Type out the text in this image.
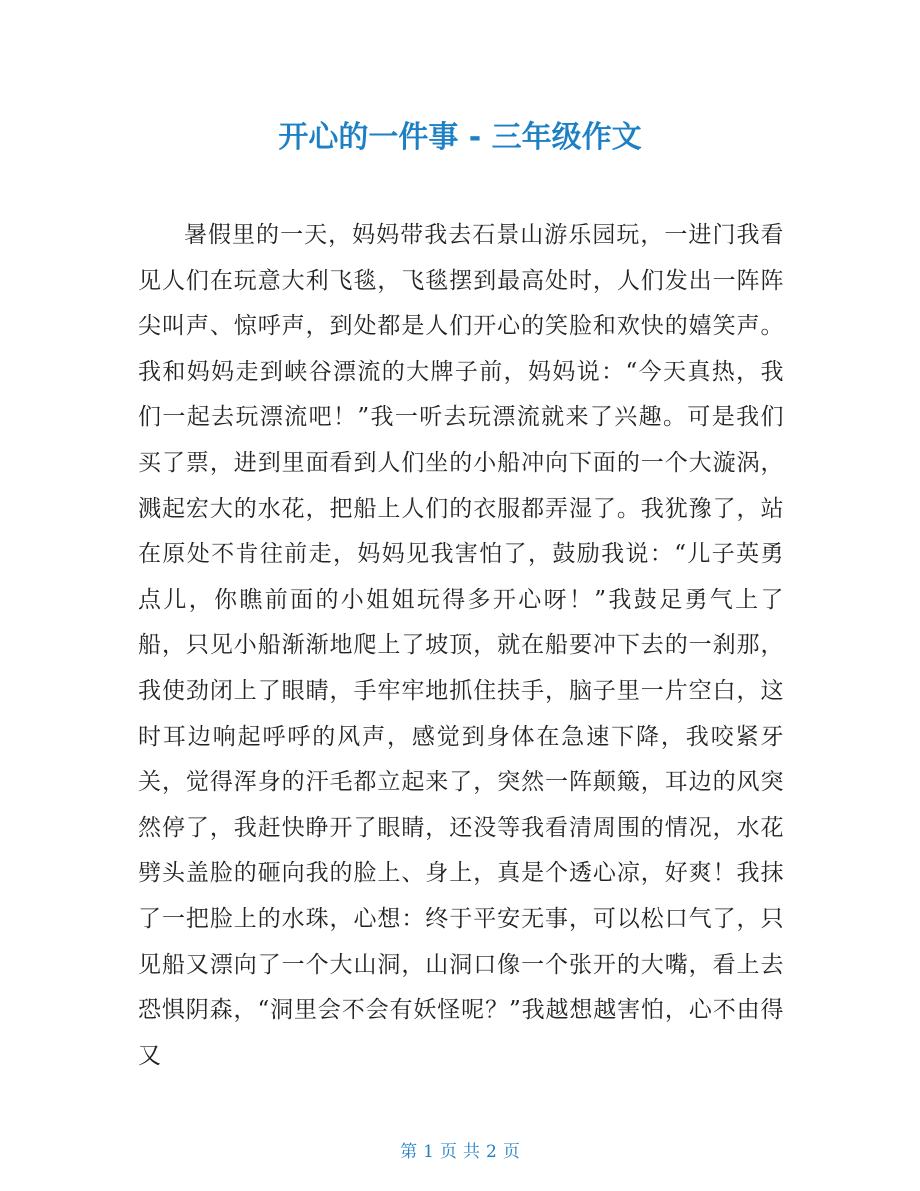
开心的一件事 - 三年级作文

暑假里的一天，妈妈带我去石景山游乐园玩，一进门我看见人们在玩意大利飞毯，飞毯摆到最高处时，人们发出一阵阵尖叫声、惊呼声，到处都是人们开心的笑脸和欢快的嬉笑声。我和妈妈走到峡谷漂流的大牌子前，妈妈说：“今天真热，我们一起去玩漂流吧！”我一听去玩漂流就来了兴趣。可是我们买了票，进到里面看到人们坐的小船冲向下面的一个大漩涡，溅起宏大的水花，把船上人们的衣服都弄湿了。我犹豫了，站在原处不肯往前走，妈妈见我害怕了，鼓励我说：“儿子英勇点儿，你瞧前面的小姐姐玩得多开心呀！”我鼓足勇气上了船，只见小船渐渐地爬上了坡顶，就在船要冲下去的一刹那，我使劲闭上了眼睛，手牢牢地抓住扶手，脑子里一片空白，这时耳边响起呼呼的风声，感觉到身体在急速下降，我咬紧牙关，觉得浑身的汗毛都立起来了，突然一阵颠簸，耳边的风突然停了，我赶快睁开了眼睛，还没等我看清周围的情况，水花劈头盖脸的砸向我的脸上、身上，真是个透心凉，好爽！我抹了一把脸上的水珠，心想：终于平安无事，可以松口气了，只见船又漂向了一个大山洞，山洞口像一个张开的大嘴，看上去恐惧阴森，“洞里会不会有妖怪呢？”我越想越害怕，心不由得又

第 1 页 共 2 页
